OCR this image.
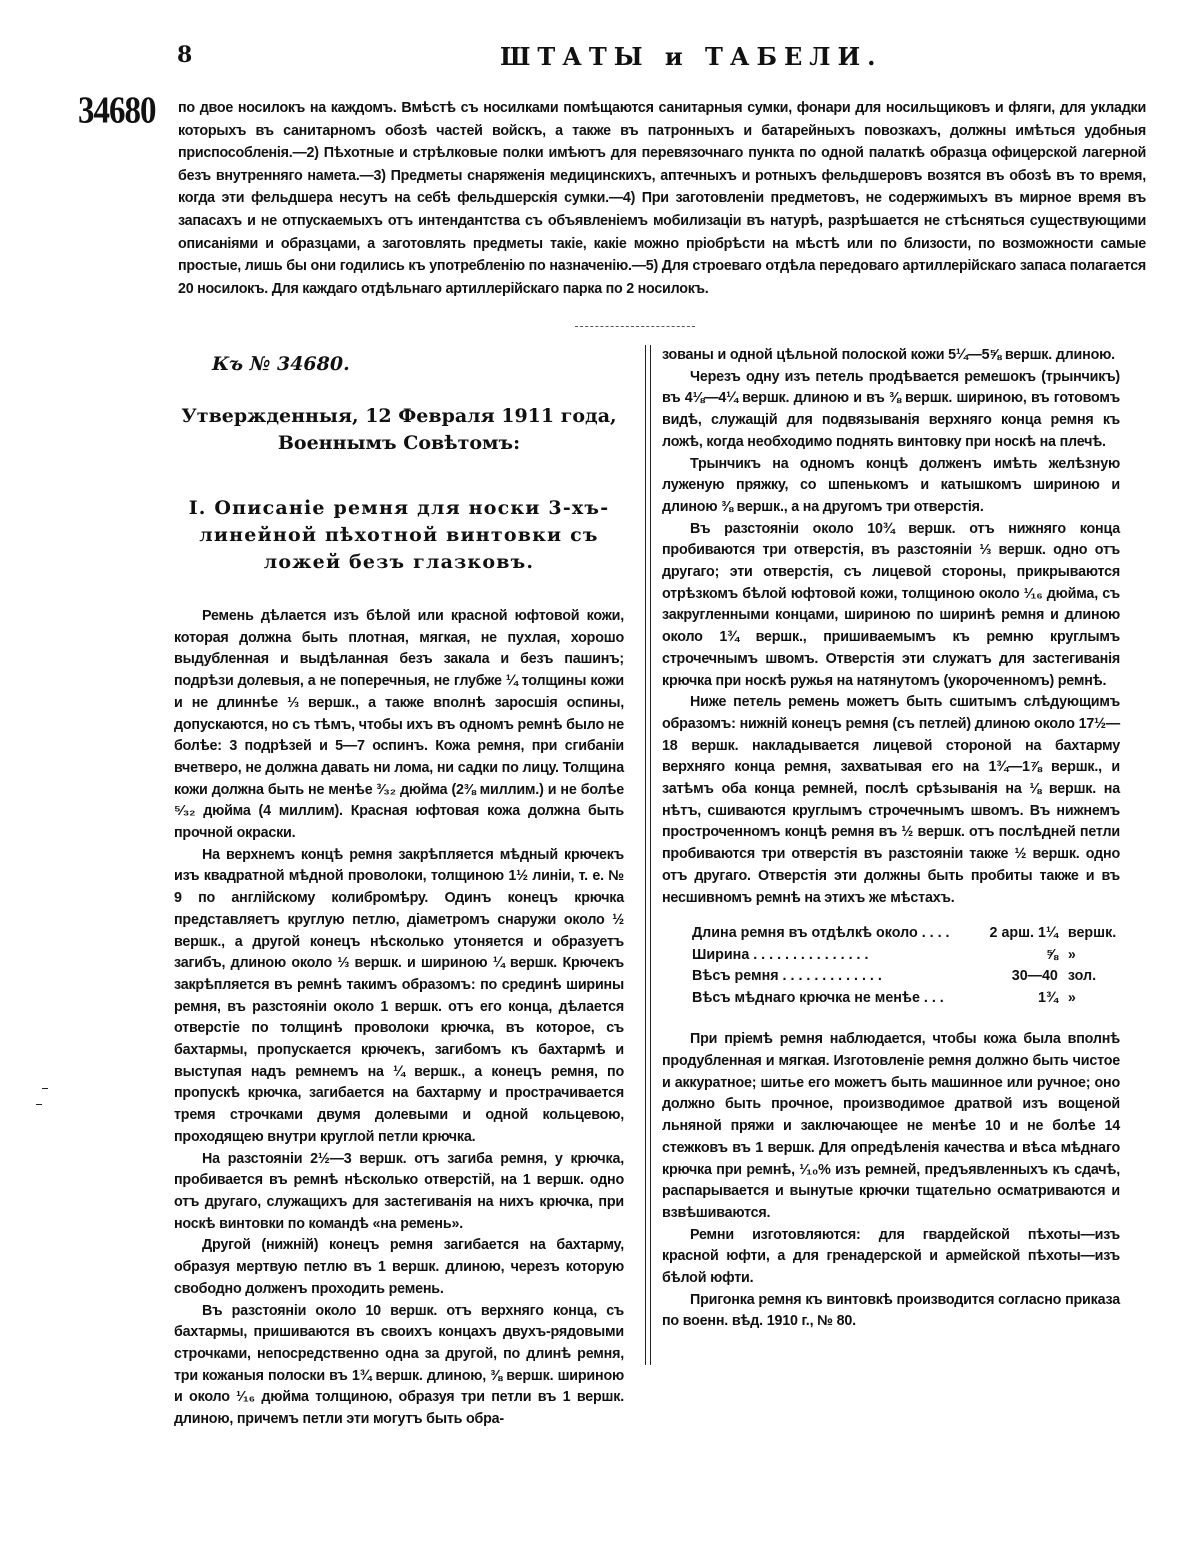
8	ШТАТЫ и ТАБЕЛИ.
34680 по двое носилокъ на каждомъ. Вмѣстѣ съ носилками помѣщаются санитарныя сумки, фонари для носильщиковъ и фляги, для укладки которыхъ въ санитарномъ обозѣ частей войскъ, а также въ патронныхъ и батарейныхъ повозкахъ, должны имѣться удобныя приспособленія.—2) Пѣхотные и стрѣлковые полки имѣютъ для перевязочнаго пункта по одной палаткѣ образца офицерской лагерной безъ внутренняго намета.—3) Предметы снаряженія медицинскихъ, аптечныхъ и ротныхъ фельдшеровъ возятся въ обозѣ въ то время, когда эти фельдшера несутъ на себѣ фельдшерскія сумки.—4) При заготовленіи предметовъ, не содержимыхъ въ мирное время въ запасахъ и не отпускаемыхъ отъ интендантства съ объявленіемъ мобилизаціи въ натурѣ, разрѣшается не стѣсняться существующими описаніями и образцами, а заготовлять предметы такіе, какіе можно пріобрѣсти на мѣстѣ или по близости, по возможности самые простые, лишь бы они годились къ употребленію по назначенію.—5) Для строеваго отдѣла передоваго артиллерійскаго запаса полагается 20 носилокъ. Для каждаго отдѣльнаго артиллерійскаго парка по 2 носилокъ.

Къ № 34680.
Утвержденныя, 12 Февраля 1911 года, Военнымъ Совѣтомъ:
I. Описаніе ремня для носки 3-хъ-линейной пѣхотной винтовки съ ложей безъ глазковъ.

Ремень дѣлается изъ бѣлой или красной юфтовой кожи, которая должна быть плотная, мягкая, не пухлая, хорошо выдубленная и выдѣланная безъ закала и безъ пашинъ; подрѣзи долевыя, а не поперечныя, не глубже ¼ толщины кожи и не длиннѣе ⅓ вершк., а также вполнѣ заросшія оспины, допускаются, но съ тѣмъ, чтобы ихъ въ одномъ ремнѣ было не болѣе: 3 подрѣзей и 5—7 оспинъ. Кожа ремня, при сгибаніи вчетверо, не должна давать ни лома, ни садки по лицу. Толщина кожи должна быть не менѣе ³⁄₃₂ дюйма (2⅜ миллим.) и не болѣе ⁵⁄₃₂ дюйма (4 миллим). Красная юфтовая кожа должна быть прочной окраски.

На верхнемъ концѣ ремня закрѣпляется мѣдный крючекъ изъ квадратной мѣдной проволоки, толщиною 1½ линіи, т. е. № 9 по англійскому колибромѣру. Одинъ конецъ крючка представляетъ круглую петлю, діаметромъ снаружи около ½ вершк., а другой конецъ нѣсколько утоняется и образуетъ загибъ, длиною около ⅓ вершк. и шириною ¼ вершк. Крючекъ закрѣпляется въ ремнѣ такимъ образомъ: по срединѣ ширины ремня, въ разстояніи около 1 вершк. отъ его конца, дѣлается отверстіе по толщинѣ проволоки крючка, въ которое, съ бахтармы, пропускается крючекъ, загибомъ къ бахтармѣ и выступая надъ ремнемъ на ¼ вершк., а конецъ ремня, по пропускѣ крючка, загибается на бахтарму и прострачивается тремя строчками двумя долевыми и одной кольцевою, проходящею внутри круглой петли крючка.

На разстояніи 2½—3 вершк. отъ загиба ремня, у крючка, пробивается въ ремнѣ нѣсколько отверстій, на 1 вершк. одно отъ другаго, служащихъ для застегиванія на нихъ крючка, при носкѣ винтовки по командѣ «на ремень».

Другой (нижній) конецъ ремня загибается на бахтарму, образуя мертвую петлю въ 1 вершк. длиною, черезъ которую свободно долженъ проходить ремень.

Въ разстояніи около 10 вершк. отъ верхняго конца, съ бахтармы, пришиваются въ своихъ концахъ двухъ-рядовыми строчками, непосредственно одна за другой, по длинѣ ремня, три кожаныя полоски въ 1¾ вершк. длиною, ⅜ вершк. шириною и около ¹⁄₁₆ дюйма толщиною, образуя три петли въ 1 вершк. длиною, причемъ петли эти могутъ быть обра-

зованы и одной цѣльной полоской кожи 5¼—5⅝ вершк. длиною.

Черезъ одну изъ петель продѣвается ремешокъ (трынчикъ) въ 4⅛—4¼ вершк. длиною и въ ⅜ вершк. шириною, въ готовомъ видѣ, служащій для подвязыванія верхняго конца ремня къ ложѣ, когда необходимо поднять винтовку при носкѣ на плечѣ.

Трынчикъ на одномъ концѣ долженъ имѣть желѣзную луженую пряжку, со шпенькомъ и катышкомъ шириною и длиною ⅜ вершк., а на другомъ три отверстія.

Въ разстояніи около 10¾ вершк. отъ нижняго конца пробиваются три отверстія, въ разстояніи ⅓ вершк. одно отъ другаго; эти отверстія, съ лицевой стороны, прикрываются отрѣзкомъ бѣлой юфтовой кожи, толщиною около ¹⁄₁₆ дюйма, съ закругленными концами, шириною по ширинѣ ремня и длиною около 1¾ вершк., пришиваемымъ къ ремню круглымъ строчечнымъ швомъ. Отверстія эти служатъ для застегиванія крючка при носкѣ ружья на натянутомъ (укороченномъ) ремнѣ.

Ниже петель ремень можетъ быть сшитымъ слѣдующимъ образомъ: нижній конецъ ремня (съ петлей) длиною около 17½—18 вершк. накладывается лицевой стороной на бахтарму верхняго конца ремня, захватывая его на 1¾—1⅞ вершк., и затѣмъ оба конца ремней, послѣ срѣзыванія на ⅛ вершк. на нѣтъ, сшиваются круглымъ строчечнымъ швомъ. Въ нижнемъ простроченномъ концѣ ремня въ ½ вершк. отъ послѣдней петли пробиваются три отверстія въ разстояніи также ½ вершк. одно отъ другаго. Отверстія эти должны быть пробиты также и въ несшивномъ ремнѣ на этихъ же мѣстахъ.

Длина ремня въ отдѣлкѣ около . . . .	2 арш. 1¼	вершк.
Ширина . . . . . . . . . . . . . . .	⅝	»
Вѣсъ ремня . . . . . . . . . . . . .	30—40	зол.
Вѣсъ мѣднаго крючка не менѣе . . .	1¾	»

При пріемѣ ремня наблюдается, чтобы кожа была вполнѣ продубленная и мягкая. Изготовленіе ремня должно быть чистое и аккуратное; шитье его можетъ быть машинное или ручное; оно должно быть прочное, производимое дратвой изъ вощеной льняной пряжи и заключающее не менѣе 10 и не болѣе 14 стежковъ въ 1 вершк. Для опредѣленія качества и вѣса мѣднаго крючка при ремнѣ, ¹⁄₁₀% изъ ремней, предъявленныхъ къ сдачѣ, распарывается и вынутые крючки тщательно осматриваются и взвѣшиваются.

Ремни изготовляются: для гвардейской пѣхоты—изъ красной юфти, а для гренадерской и армейской пѣхоты—изъ бѣлой юфти.

Пригонка ремня къ винтовкѣ производится согласно приказа по военн. вѣд. 1910 г., № 80.
